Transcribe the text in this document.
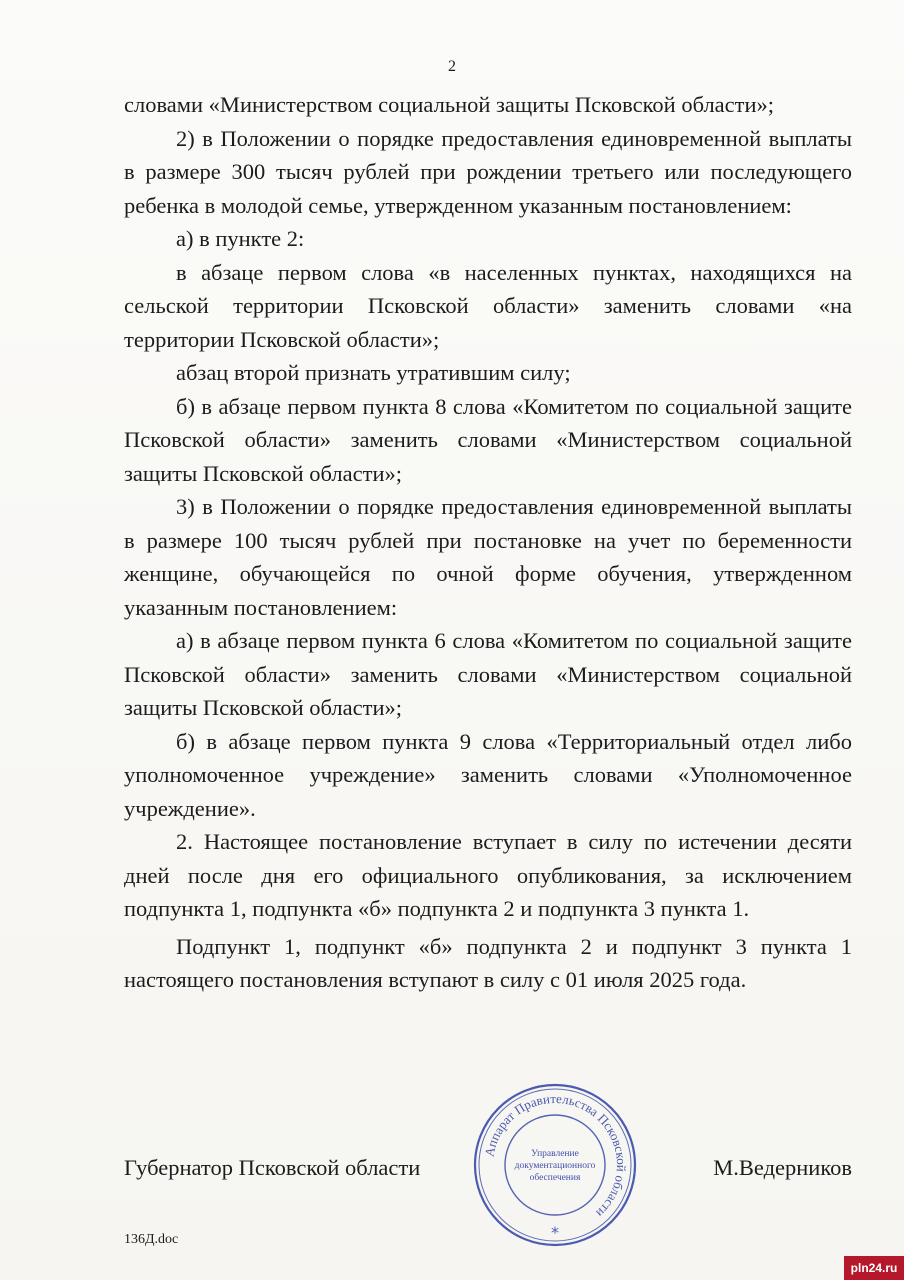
2

словами «Министерством социальной защиты Псковской области»;

2) в Положении о порядке предоставления единовременной выплаты в размере 300 тысяч рублей при рождении третьего или последующего ребенка в молодой семье, утвержденном указанным постановлением:

а) в пункте 2:

в абзаце первом слова «в населенных пунктах, находящихся на сельской территории Псковской области» заменить словами «на территории Псковской области»;

абзац второй признать утратившим силу;

б) в абзаце первом пункта 8 слова «Комитетом по социальной защите Псковской области» заменить словами «Министерством социальной защиты Псковской области»;

3) в Положении о порядке предоставления единовременной выплаты в размере 100 тысяч рублей при постановке на учет по беременности женщине, обучающейся по очной форме обучения, утвержденном указанным постановлением:

а) в абзаце первом пункта 6 слова «Комитетом по социальной защите Псковской области» заменить словами «Министерством социальной защиты Псковской области»;

б) в абзаце первом пункта 9 слова «Территориальный отдел либо уполномоченное учреждение» заменить словами «Уполномоченное учреждение».

2. Настоящее постановление вступает в силу по истечении десяти дней после дня его официального опубликования, за исключением подпункта 1, подпункта «б» подпункта 2 и подпункта 3 пункта 1.

Подпункт 1, подпункт «б» подпункта 2 и подпункт 3 пункта 1 настоящего постановления вступают в силу с 01 июля 2025 года.

Губернатор Псковской области	М.Ведерников
Аппарат Правительства Псковской области
Управление
документационного
обеспечения
*
136Д.doc
pln24.ru
